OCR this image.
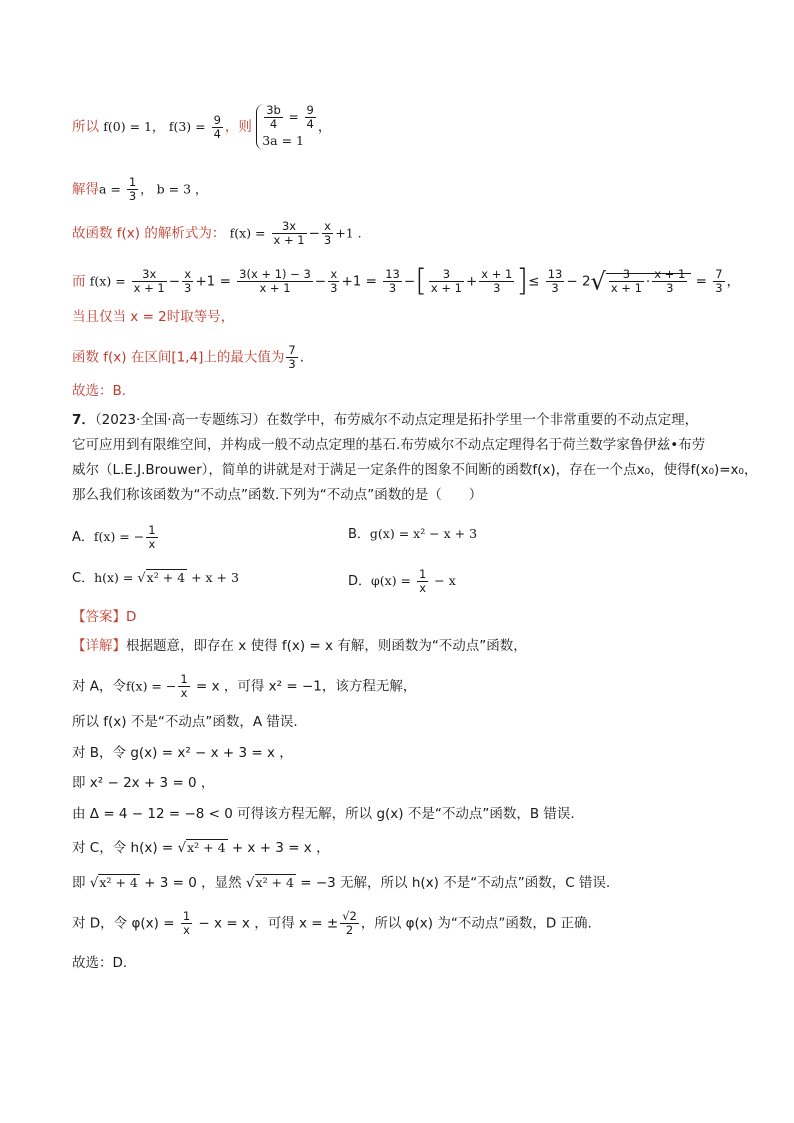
所以 f(0) = 1， $f(3) = \frac{9}{4}$ ，则 $\frac{3b}{4} = \frac{9}{4}$
3a = 1
，
解得$a = \frac{1}{3}$ ， b = 3 ，
故函数 f(x) 的解析式为： $f(x) = \frac{3x}{x + 1} - \frac{x}{3} +1$ .
而 $f(x) = \frac{3x}{x + 1} - \frac{x}{3} +1 = \frac{3(x + 1) - 3}{x + 1} - \frac{x}{3} +1 = \frac{13}{3}$ −[ $\frac{3}{x + 1} + \frac{x + 1}{3}$ ]≤ $\frac{13}{3} - 2√ \frac{3}{x + 1} \cdot \frac{x + 1}{3} = \frac{7}{3}$ ，
当且仅当 x = 2时取等号，
函数 f(x) 在区间[1,4]上的最大值为 $\frac{7}{3}$ .
故选：B.
7．（2023·全国·高一专题练习）在数学中，布劳威尔不动点定理是拓扑学里一个非常重要的不动点定理，
它可应用到有限维空间，并构成一般不动点定理的基石.布劳威尔不动点定理得名于荷兰数学家鲁伊兹•布劳
威尔（L.E.J.Brouwer），简单的讲就是对于满足一定条件的图象不间断的函数f(x)，存在一个点x₀，使得f(x₀)=x₀，
那么我们称该函数为“不动点”函数.下列为“不动点”函数的是（　　）
A．f(x) = − $\frac{1}{x}$	B．g(x) = x² − x + 3
C．h(x) = √x² + 4 + x + 3	D．$\varphi(x) = \frac{1}{x} - x$
【答案】D
【详解】根据题意，即存在 x 使得 f(x) = x 有解，则函数为“不动点”函数，
对 A，令f(x) = − $\frac{1}{x} = x$ ，可得 x² = −1，该方程无解，
所以 f(x) 不是“不动点”函数，A 错误.
对 B，令 g(x) = x² − x + 3 = x ，
即 x² − 2x + 3 = 0 ，
由 Δ = 4 − 12 = −8 < 0 可得该方程无解，所以 g(x) 不是“不动点”函数，B 错误.
对 C，令 h(x) = √x² + 4 + x + 3 = x ，
即 √x² + 4 + 3 = 0 ，显然 √x² + 4 = −3 无解，所以 h(x) 不是“不动点”函数，C 错误.
对 D，令 $\varphi(x) = \frac{1}{x} - x = x$ ，可得 x = ± $\frac{√2}{2}$ ，所以 φ(x) 为“不动点”函数，D 正确.
故选：D.
